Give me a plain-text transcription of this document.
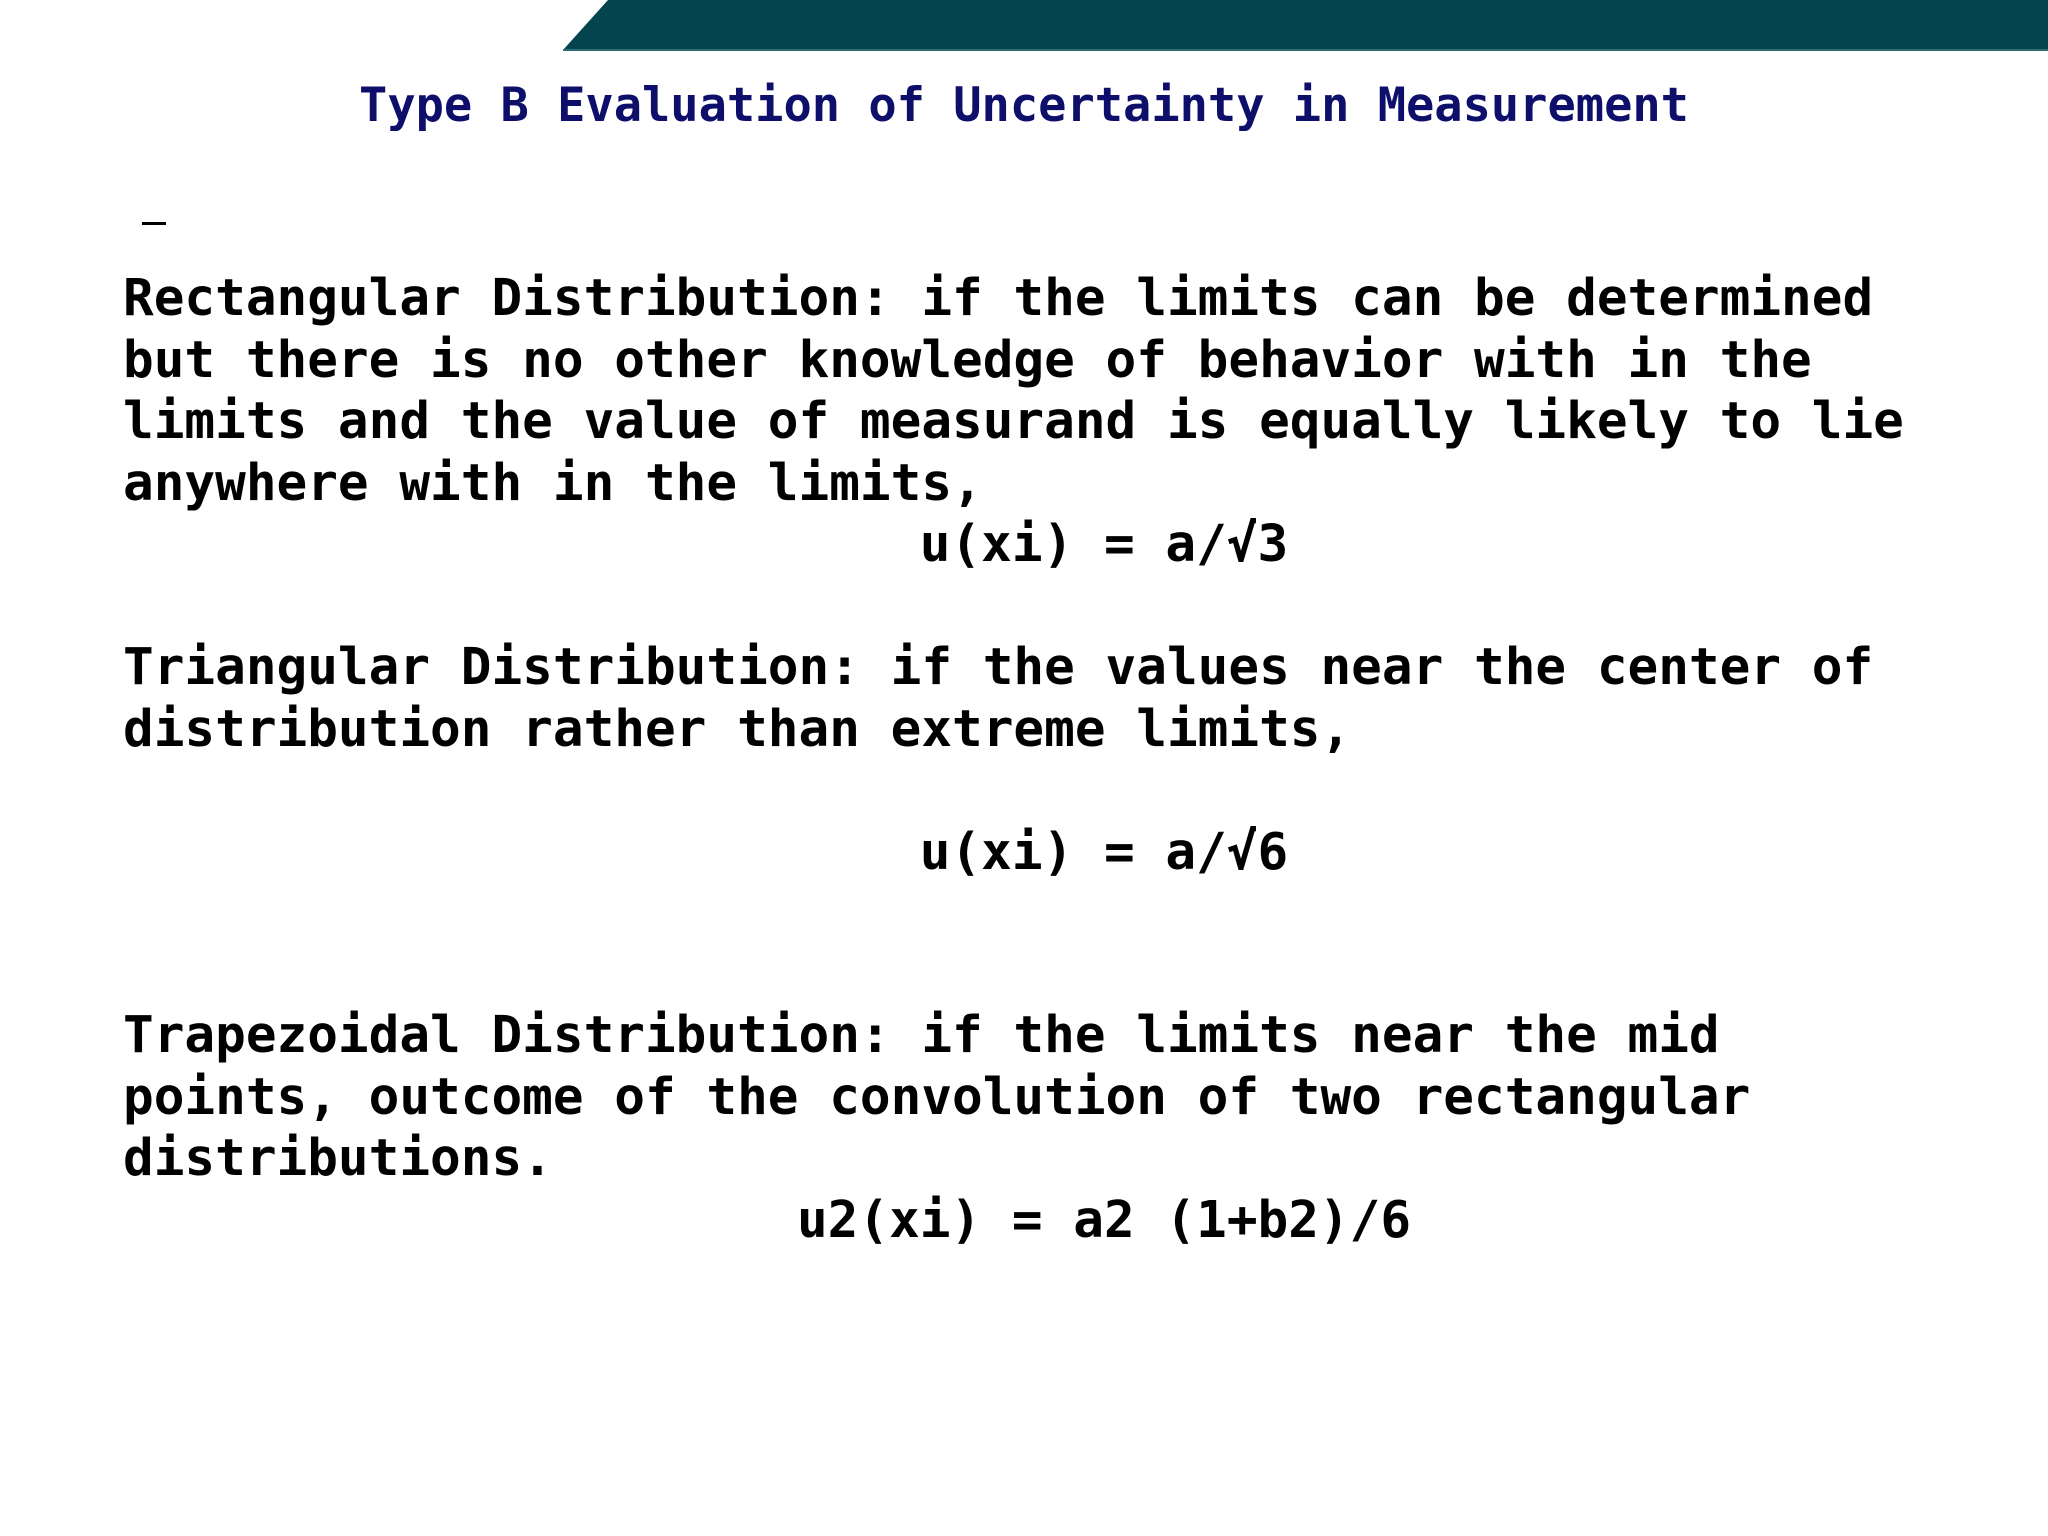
Type B Evaluation of Uncertainty in Measurement

Rectangular Distribution: if the limits can be determined
but there is no other knowledge of behavior with in the
limits and the value of measurand is equally likely to lie
anywhere with in the limits,

u(xi) = a/√3

Triangular Distribution: if the values near the center of
distribution rather than extreme limits,

u(xi) = a/√6

Trapezoidal Distribution: if the limits near the mid
points, outcome of the convolution of two rectangular
distributions.

u2(xi) = a2 (1+b2)/6
